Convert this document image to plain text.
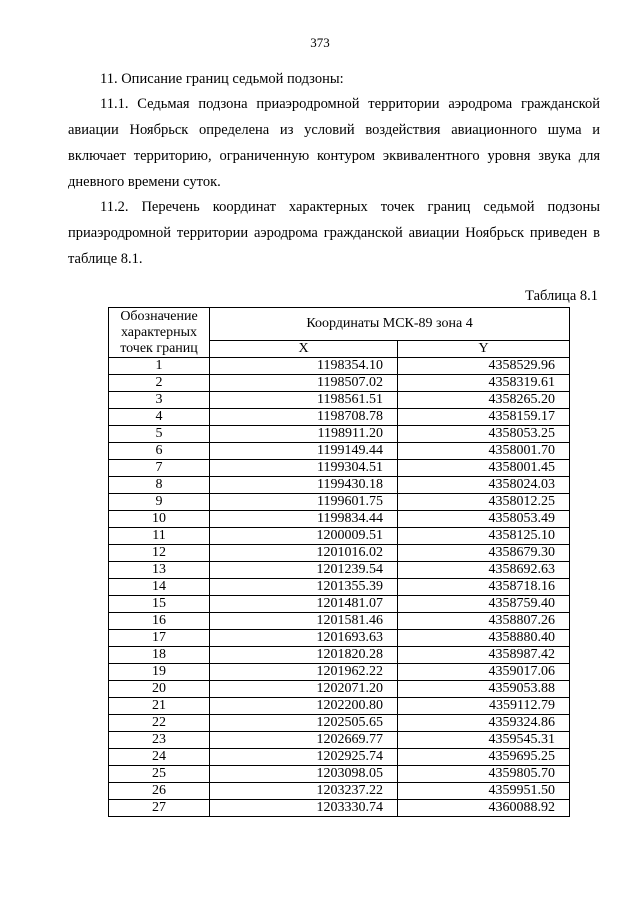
373
11. Описание границ седьмой подзоны:

11.1. Седьмая подзона приаэродромной территории аэродрома гражданской авиации Ноябрьск определена из условий воздействия авиационного шума и включает территорию, ограниченную контуром эквивалентного уровня звука для дневного времени суток.

11.2. Перечень координат характерных точек границ седьмой подзоны приаэродромной территории аэродрома гражданской авиации Ноябрьск приведен в таблице 8.1.

Таблица 8.1
Обозначение характерных точек границ	Координаты МСК-89 зона 4	
	X	Y
1	1198354.10	4358529.96
2	1198507.02	4358319.61
3	1198561.51	4358265.20
4	1198708.78	4358159.17
5	1198911.20	4358053.25
6	1199149.44	4358001.70
7	1199304.51	4358001.45
8	1199430.18	4358024.03
9	1199601.75	4358012.25
10	1199834.44	4358053.49
11	1200009.51	4358125.10
12	1201016.02	4358679.30
13	1201239.54	4358692.63
14	1201355.39	4358718.16
15	1201481.07	4358759.40
16	1201581.46	4358807.26
17	1201693.63	4358880.40
18	1201820.28	4358987.42
19	1201962.22	4359017.06
20	1202071.20	4359053.88
21	1202200.80	4359112.79
22	1202505.65	4359324.86
23	1202669.77	4359545.31
24	1202925.74	4359695.25
25	1203098.05	4359805.70
26	1203237.22	4359951.50
27	1203330.74	4360088.92
